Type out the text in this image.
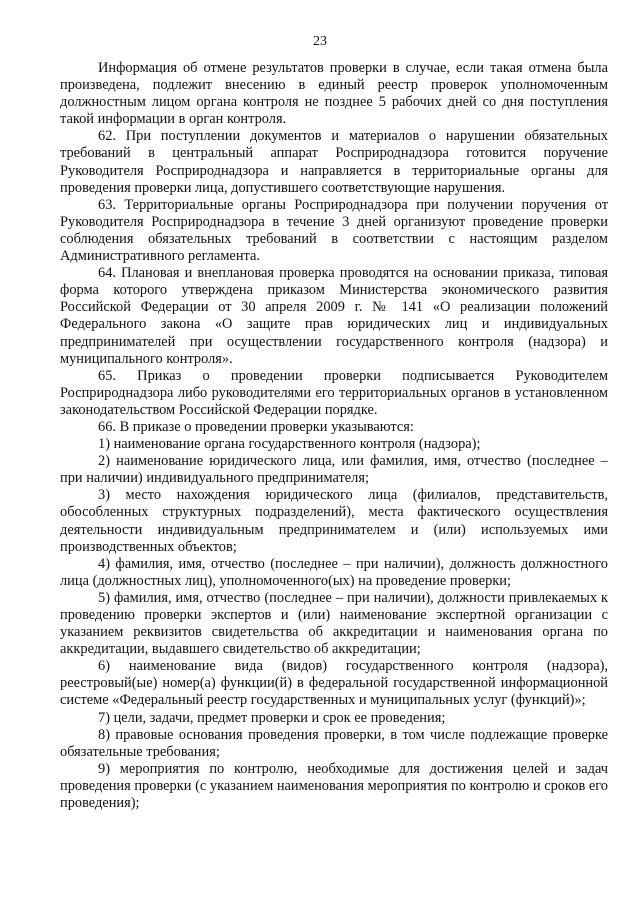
23

Информация об отмене результатов проверки в случае, если такая отмена была произведена, подлежит внесению в единый реестр проверок уполномоченным должностным лицом органа контроля не позднее 5 рабочих дней со дня поступления такой информации в орган контроля.

62. При поступлении документов и материалов о нарушении обязательных требований в центральный аппарат Росприроднадзора готовится поручение Руководителя Росприроднадзора и направляется в территориальные органы для проведения проверки лица, допустившего соответствующие нарушения.

63. Территориальные органы Росприроднадзора при получении поручения от Руководителя Росприроднадзора в течение 3 дней организуют проведение проверки соблюдения обязательных требований в соответствии с настоящим разделом Административного регламента.

64. Плановая и внеплановая проверка проводятся на основании приказа, типовая форма которого утверждена приказом Министерства экономического развития Российской Федерации от 30 апреля 2009 г. № 141 «О реализации положений Федерального закона «О защите прав юридических лиц и индивидуальных предпринимателей при осуществлении государственного контроля (надзора) и муниципального контроля».

65. Приказ о проведении проверки подписывается Руководителем Росприроднадзора либо руководителями его территориальных органов в установленном законодательством Российской Федерации порядке.

66. В приказе о проведении проверки указываются:

1) наименование органа государственного контроля (надзора);

2) наименование юридического лица, или фамилия, имя, отчество (последнее – при наличии) индивидуального предпринимателя;

3) место нахождения юридического лица (филиалов, представительств, обособленных структурных подразделений), места фактического осуществления деятельности индивидуальным предпринимателем и (или) используемых ими производственных объектов;

4) фамилия, имя, отчество (последнее – при наличии), должность должностного лица (должностных лиц), уполномоченного(ых) на проведение проверки;

5) фамилия, имя, отчество (последнее – при наличии), должности привлекаемых к проведению проверки экспертов и (или) наименование экспертной организации с указанием реквизитов свидетельства об аккредитации и наименования органа по аккредитации, выдавшего свидетельство об аккредитации;

6) наименование вида (видов) государственного контроля (надзора), реестровый(ые) номер(а) функции(й) в федеральной государственной информационной системе «Федеральный реестр государственных и муниципальных услуг (функций)»;

7) цели, задачи, предмет проверки и срок ее проведения;

8) правовые основания проведения проверки, в том числе подлежащие проверке обязательные требования;

9) мероприятия по контролю, необходимые для достижения целей и задач проведения проверки (с указанием наименования мероприятия по контролю и сроков его проведения);
